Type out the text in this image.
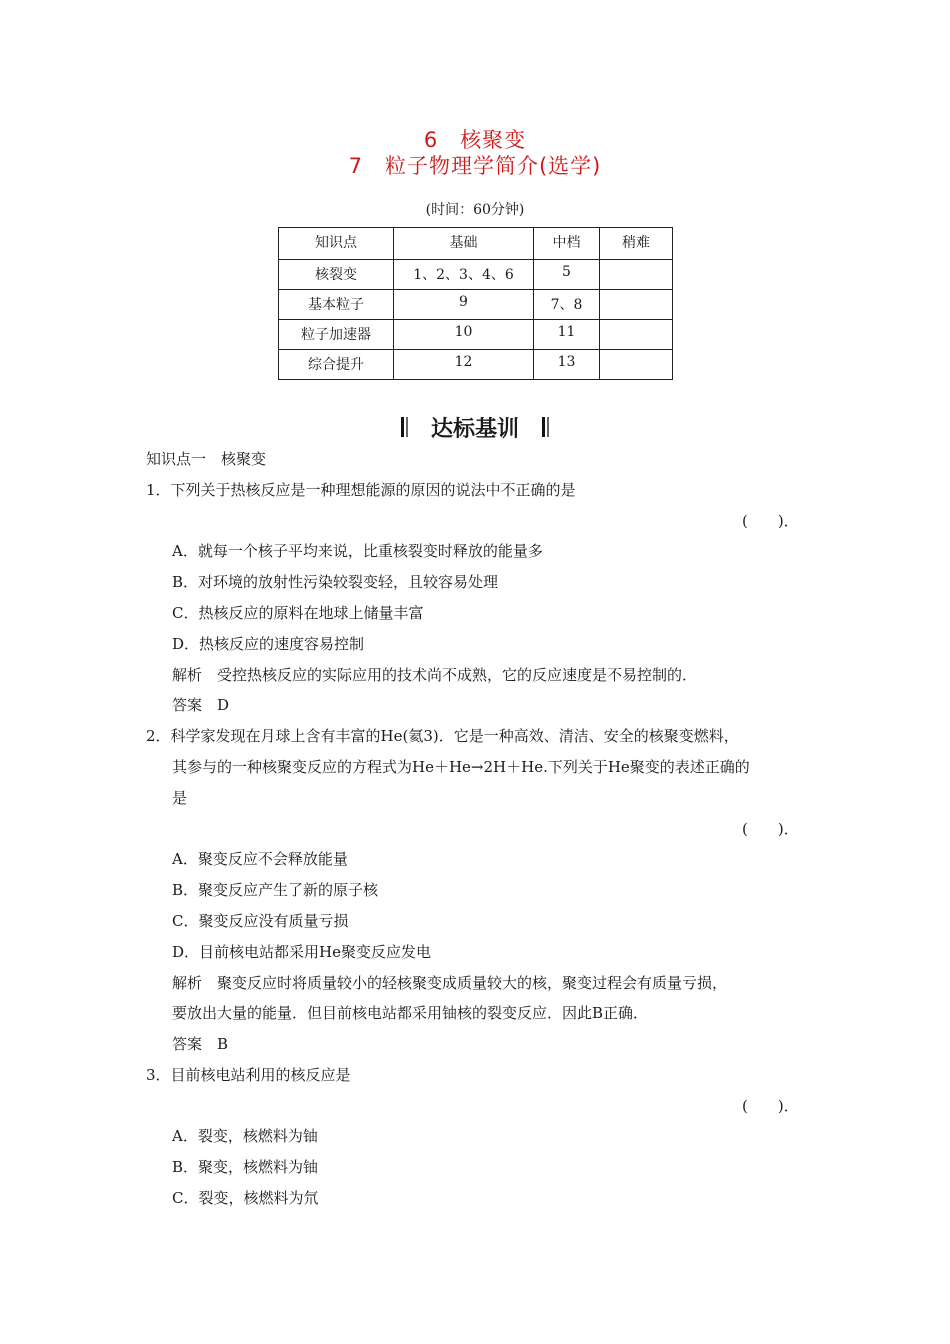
6　核聚变
7　粒子物理学简介(选学)
(时间：60分钟)
知识点	基础	中档	稍难
核裂变	1、2、3、4、6	5	
基本粒子	9	7、8	
粒子加速器	10	11	
综合提升	12	13	
达标基训
知识点一　核聚变
1．下列关于热核反应是一种理想能源的原因的说法中不正确的是
(　　)．
A．就每一个核子平均来说，比重核裂变时释放的能量多
B．对环境的放射性污染较裂变轻，且较容易处理
C．热核反应的原料在地球上储量丰富
D．热核反应的速度容易控制
解析　受控热核反应的实际应用的技术尚不成熟，它的反应速度是不易控制的．
答案　D
2．科学家发现在月球上含有丰富的He(氦3)．它是一种高效、清洁、安全的核聚变燃料，
其参与的一种核聚变反应的方程式为He＋He→2H＋He.下列关于He聚变的表述正确的
是
(　　)．
A．聚变反应不会释放能量
B．聚变反应产生了新的原子核
C．聚变反应没有质量亏损
D．目前核电站都采用He聚变反应发电
解析　聚变反应时将质量较小的轻核聚变成质量较大的核，聚变过程会有质量亏损，
要放出大量的能量．但目前核电站都采用铀核的裂变反应．因此B正确．
答案　B
3．目前核电站利用的核反应是
(　　)．
A．裂变，核燃料为铀
B．聚变，核燃料为铀
C．裂变，核燃料为氘
